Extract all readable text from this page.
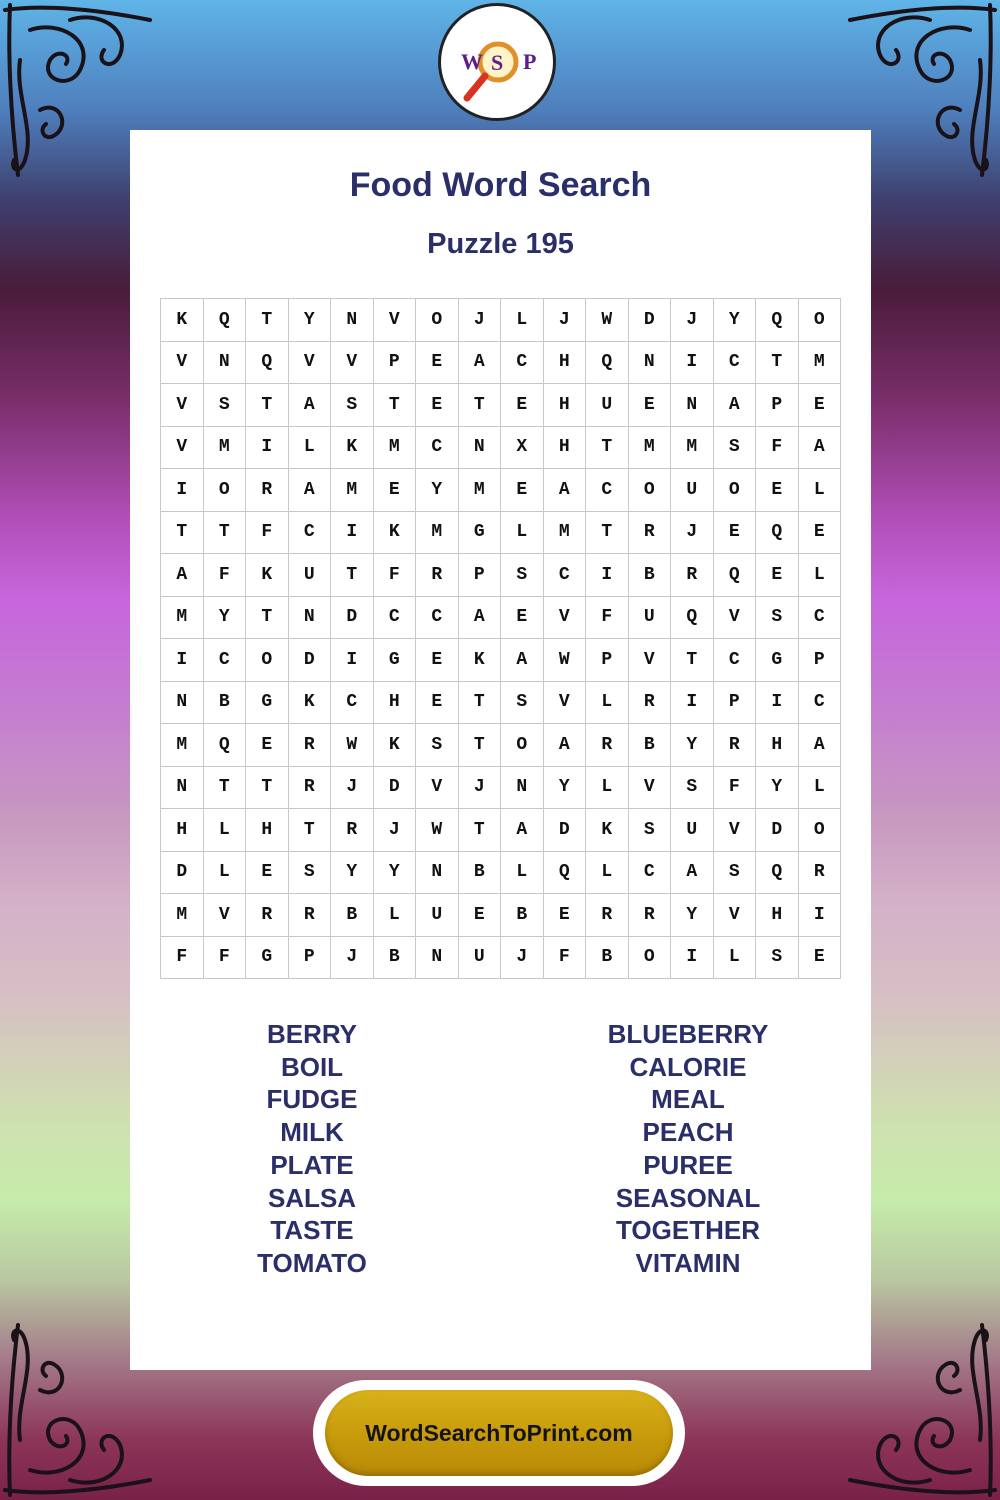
W S P
Food Word Search
Puzzle 195
K	Q	T	Y	N	V	O	J	L	J	W	D	J	Y	Q	O
V	N	Q	V	V	P	E	A	C	H	Q	N	I	C	T	M
V	S	T	A	S	T	E	T	E	H	U	E	N	A	P	E
V	M	I	L	K	M	C	N	X	H	T	M	M	S	F	A
I	O	R	A	M	E	Y	M	E	A	C	O	U	O	E	L
T	T	F	C	I	K	M	G	L	M	T	R	J	E	Q	E
A	F	K	U	T	F	R	P	S	C	I	B	R	Q	E	L
M	Y	T	N	D	C	C	A	E	V	F	U	Q	V	S	C
I	C	O	D	I	G	E	K	A	W	P	V	T	C	G	P
N	B	G	K	C	H	E	T	S	V	L	R	I	P	I	C
M	Q	E	R	W	K	S	T	O	A	R	B	Y	R	H	A
N	T	T	R	J	D	V	J	N	Y	L	V	S	F	Y	L
H	L	H	T	R	J	W	T	A	D	K	S	U	V	D	O
D	L	E	S	Y	Y	N	B	L	Q	L	C	A	S	Q	R
M	V	R	R	B	L	U	E	B	E	R	R	Y	V	H	I
F	F	G	P	J	B	N	U	J	F	B	O	I	L	S	E
BERRY
BOIL
FUDGE
MILK
PLATE
SALSA
TASTE
TOMATO
BLUEBERRY
CALORIE
MEAL
PEACH
PUREE
SEASONAL
TOGETHER
VITAMIN
WordSearchToPrint.com
